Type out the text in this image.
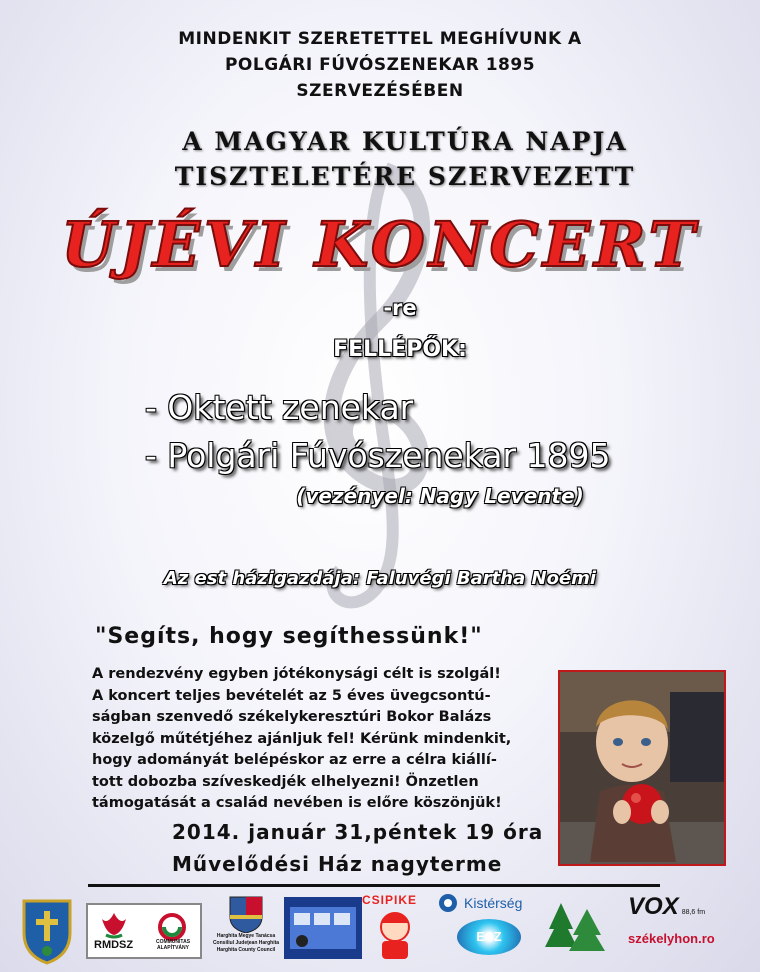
MINDENKIT SZERETETTEL MEGHÍVUNK A
POLGÁRI FÚVÓSZENEKAR 1895
SZERVEZÉSÉBEN
A MAGYAR KULTÚRA NAPJA
TISZTELETÉRE SZERVEZETT
ÚJÉVI KONCERT
-re
FELLÉPŐK:
- Oktett zenekar
- Polgári Fúvószenekar 1895
(vezényel: Nagy Levente)
Az est házigazdája: Faluvégi Bartha Noémi
"Segíts, hogy segíthessünk!"
A rendezvény egyben jótékonysági célt is szolgál!
A koncert teljes bevételét az 5 éves üvegcsontú-
ságban szenvedő székelykeresztúri Bokor Balázs
közelgő műtétjéhez ajánljuk fel! Kérünk mindenkit,
hogy adományát belépéskor az erre a célra kiállí-
tott dobozba szíveskedjék elhelyezni! Önzetlen
támogatását a család nevében is előre köszönjük!
2014. január 31,péntek 19 óra
Művelődési Ház nagyterme
RMDSZ	COMMUNITAS ALAPÍTVÁNY
Harghita Megye Tanácsa
Consiliul Judeţean Harghita
Harghita County Council
CSIPIKE	Kistérség
ESZ
VOX 88,6 fm
székelyhon.ro
